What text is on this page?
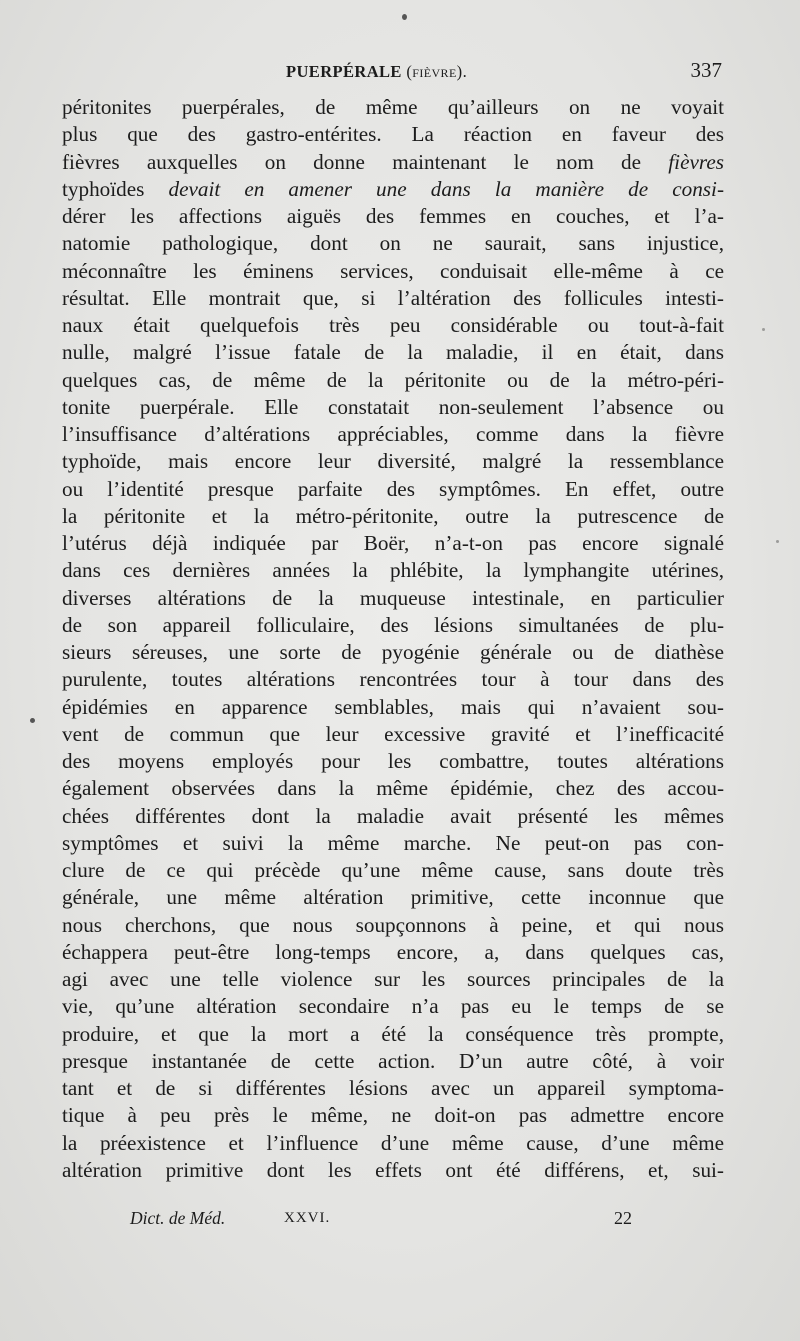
PUERPÉRALE (fièvre).	337
péritonites puerpérales, de même qu’ailleurs on ne voyait
plus que des gastro-entérites. La réaction en faveur des
fièvres auxquelles on donne maintenant le nom de fièvres
typhoïdes devait en amener une dans la manière de consi-
dérer les affections aiguës des femmes en couches, et l’a-
natomie pathologique, dont on ne saurait, sans injustice,
méconnaître les éminens services, conduisait elle-même à ce
résultat. Elle montrait que, si l’altération des follicules intesti-
naux était quelquefois très peu considérable ou tout-à-fait
nulle, malgré l’issue fatale de la maladie, il en était, dans
quelques cas, de même de la péritonite ou de la métro-péri-
tonite puerpérale. Elle constatait non-seulement l’absence ou
l’insuffisance d’altérations appréciables, comme dans la fièvre
typhoïde, mais encore leur diversité, malgré la ressemblance
ou l’identité presque parfaite des symptômes. En effet, outre
la péritonite et la métro-péritonite, outre la putrescence de
l’utérus déjà indiquée par Boër, n’a-t-on pas encore signalé
dans ces dernières années la phlébite, la lymphangite utérines,
diverses altérations de la muqueuse intestinale, en particulier
de son appareil folliculaire, des lésions simultanées de plu-
sieurs séreuses, une sorte de pyogénie générale ou de diathèse
purulente, toutes altérations rencontrées tour à tour dans des
épidémies en apparence semblables, mais qui n’avaient sou-
vent de commun que leur excessive gravité et l’inefficacité
des moyens employés pour les combattre, toutes altérations
également observées dans la même épidémie, chez des accou-
chées différentes dont la maladie avait présenté les mêmes
symptômes et suivi la même marche. Ne peut-on pas con-
clure de ce qui précède qu’une même cause, sans doute très
générale, une même altération primitive, cette inconnue que
nous cherchons, que nous soupçonnons à peine, et qui nous
échappera peut-être long-temps encore, a, dans quelques cas,
agi avec une telle violence sur les sources principales de la
vie, qu’une altération secondaire n’a pas eu le temps de se
produire, et que la mort a été la conséquence très prompte,
presque instantanée de cette action. D’un autre côté, à voir
tant et de si différentes lésions avec un appareil symptoma-
tique à peu près le même, ne doit-on pas admettre encore
la préexistence et l’influence d’une même cause, d’une même
altération primitive dont les effets ont été différens, et, sui-
Dict. de Méd.	XXVI.	22
